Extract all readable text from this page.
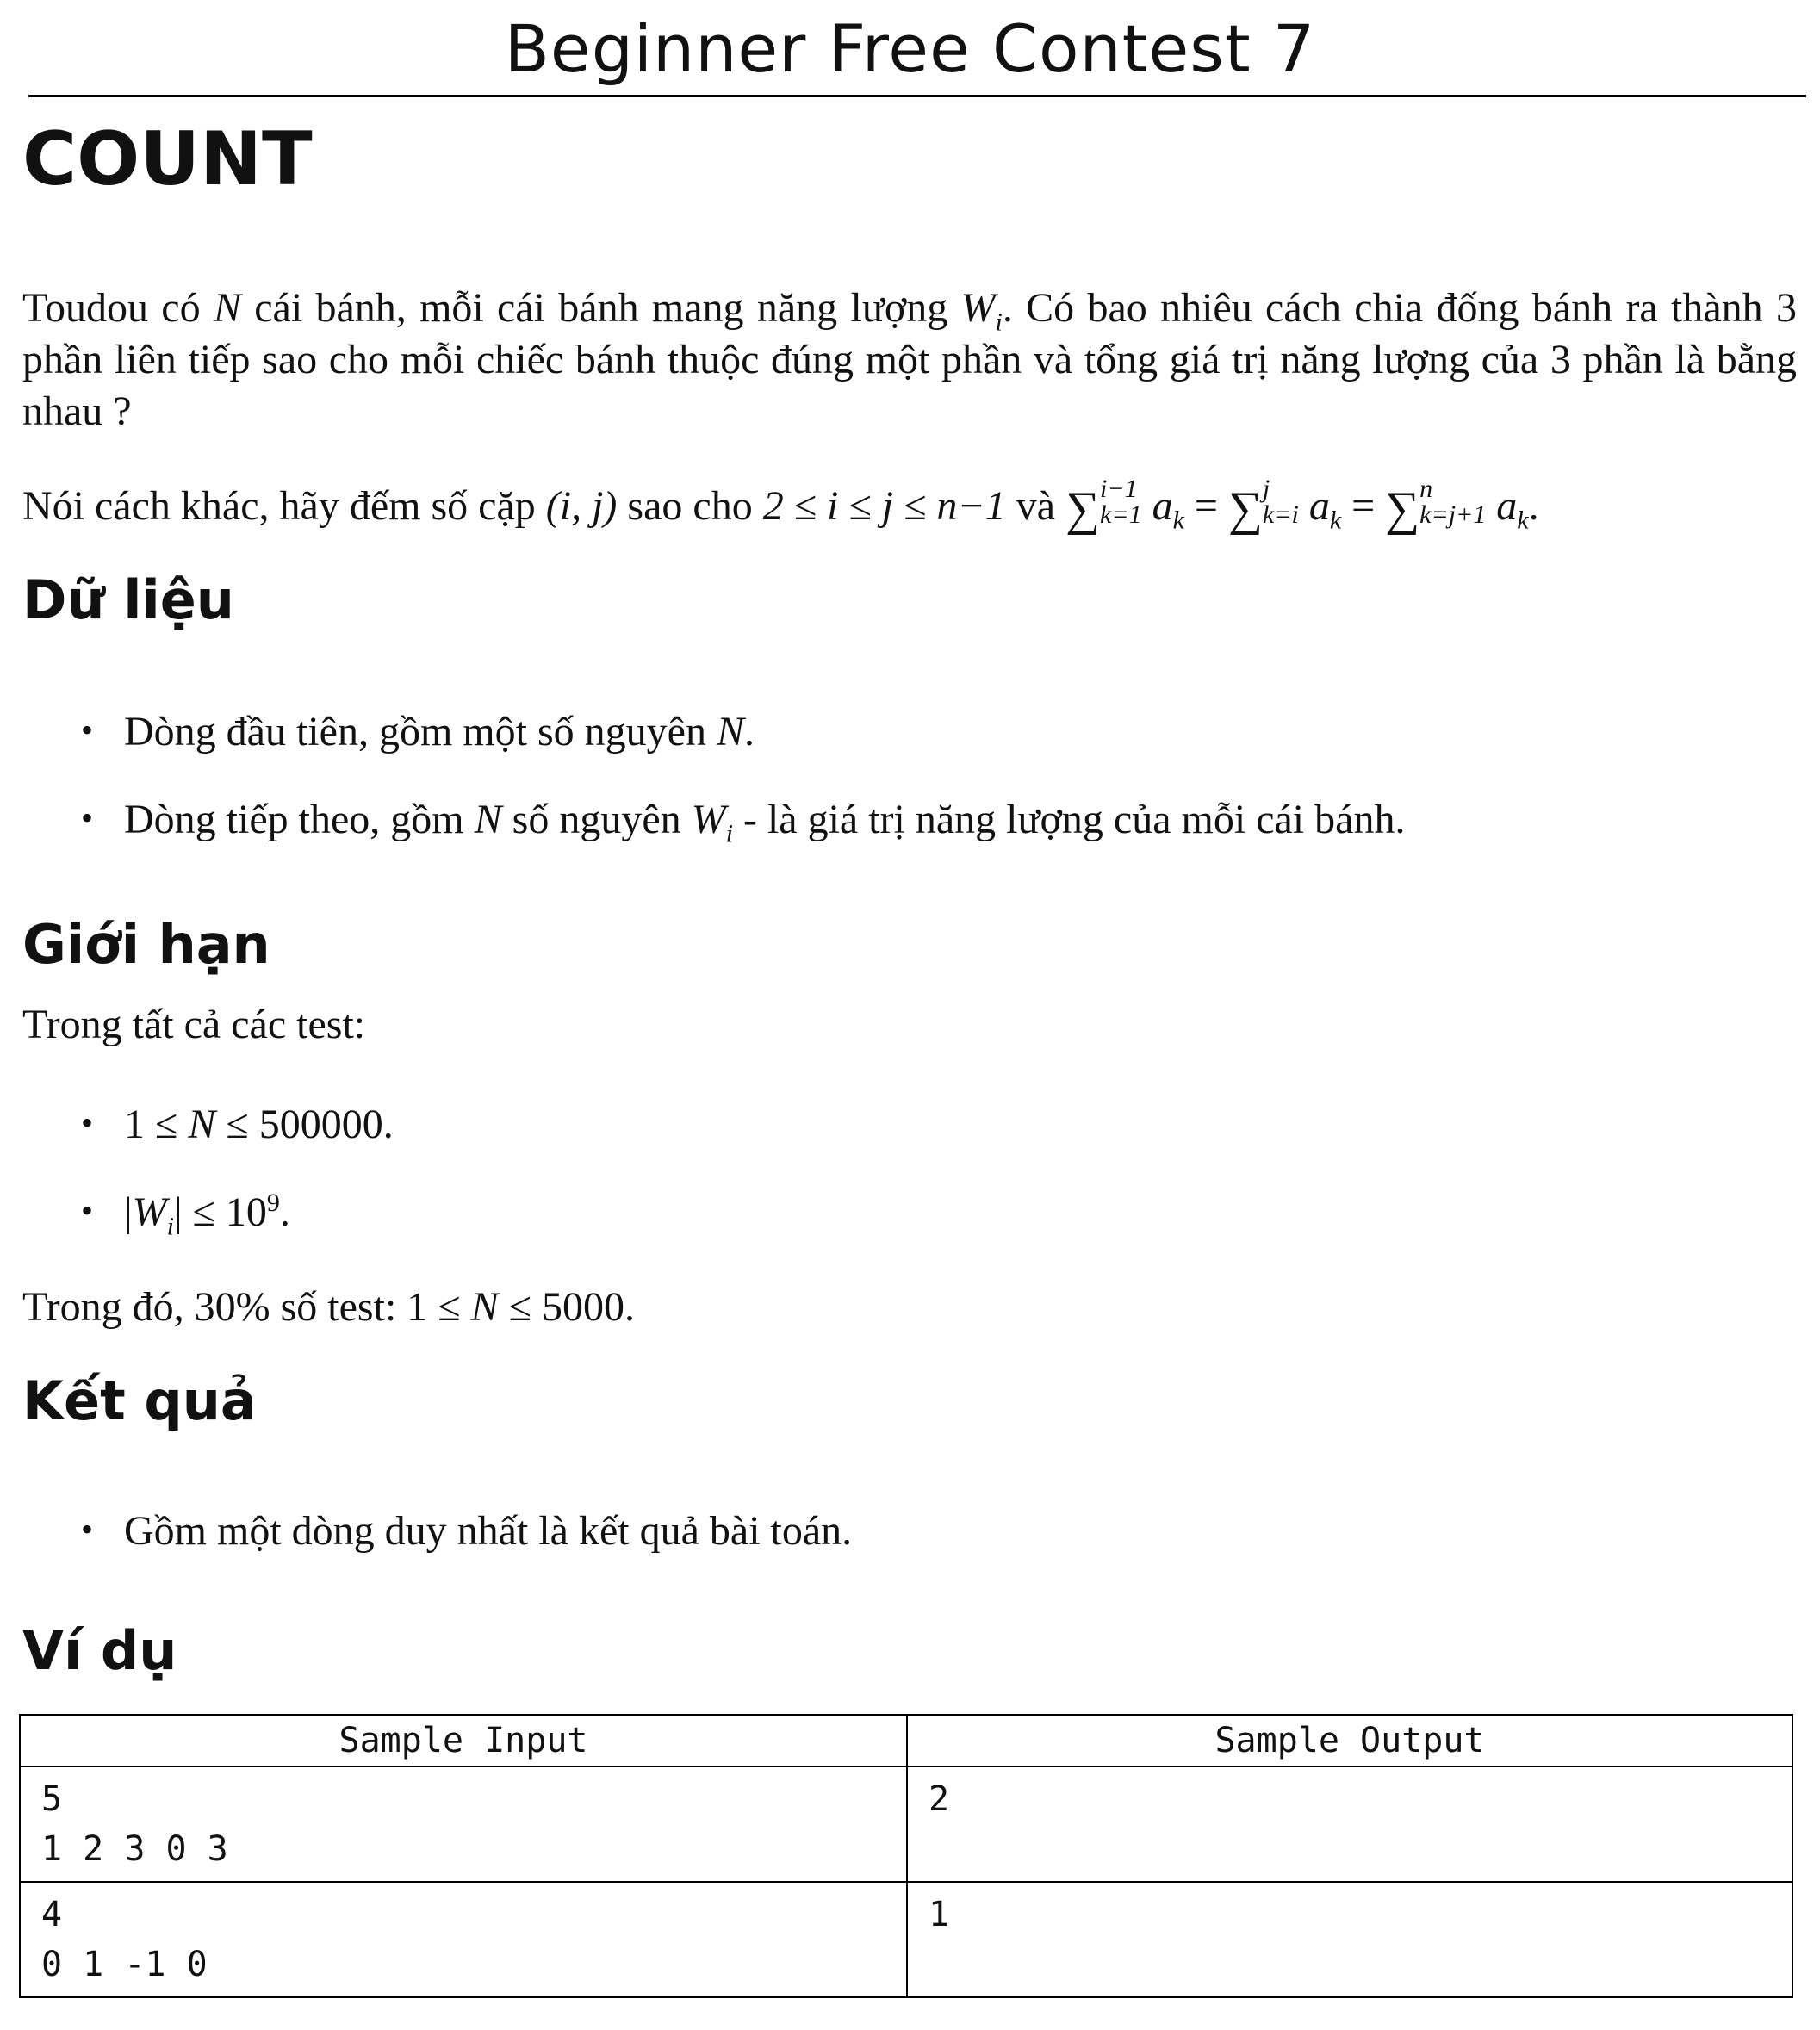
Beginner Free Contest 7
COUNT

Toudou có N cái bánh, mỗi cái bánh mang năng lượng $W_i$. Có bao nhiêu cách chia đống bánh ra thành 3 phần liên tiếp sao cho mỗi chiếc bánh thuộc đúng một phần và tổng giá trị năng lượng của 3 phần là bằng nhau ?

Nói cách khác, hãy đếm số cặp (i, j) sao cho 2 ≤ i ≤ j ≤ n−1 và ∑ i−1
k=1 $a_k$ = ∑ j
k=i $a_k$ = ∑ n
k=j+1 $a_k$.

Dữ liệu
• Dòng đầu tiên, gồm một số nguyên N.
• Dòng tiếp theo, gồm N số nguyên $W_i$ - là giá trị năng lượng của mỗi cái bánh.
Giới hạn

Trong tất cả các test:

• 1 ≤ N ≤ 500000.
• $|W_i| \le 10^9$.

Trong đó, 30% số test: 1 ≤ N ≤ 5000.

Kết quả
• Gồm một dòng duy nhất là kết quả bài toán.
Ví dụ
Sample Input	Sample Output

5
1 2 3 0 3	2

4
0 1 -1 0	1
